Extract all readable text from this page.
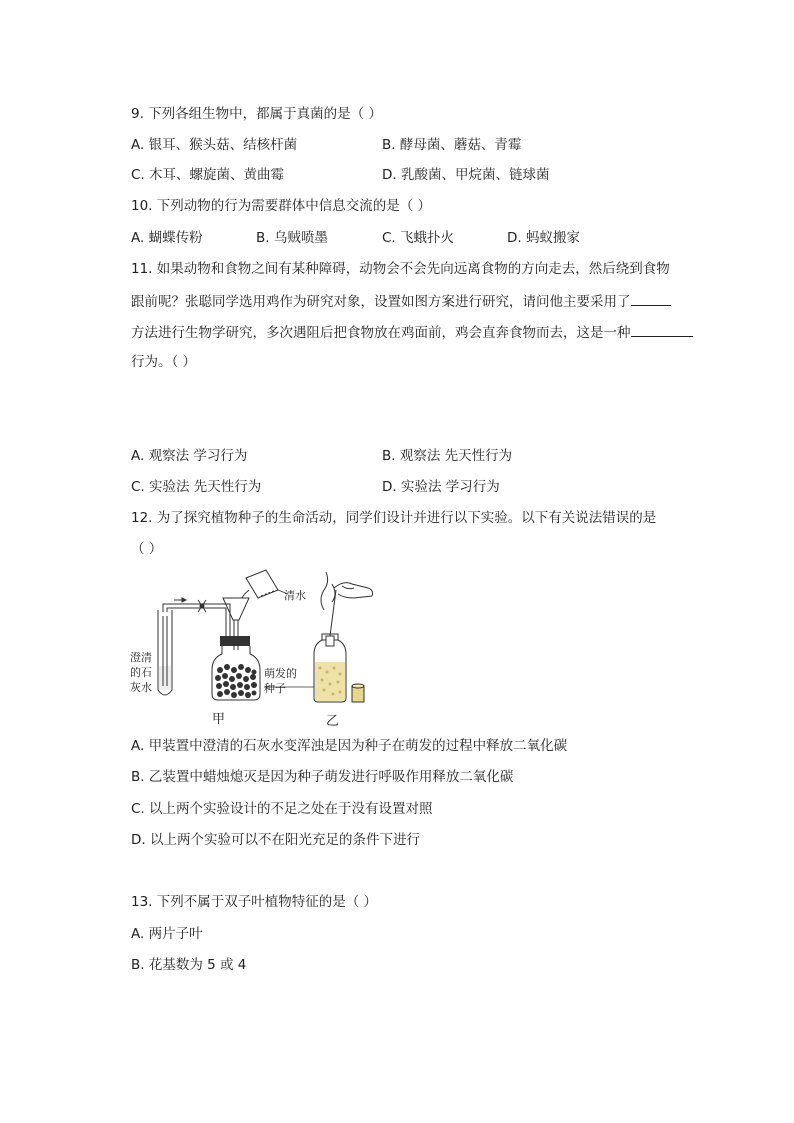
9. 下列各组生物中，都属于真菌的是（ ）
A. 银耳、猴头菇、结核杆菌	B. 酵母菌、蘑菇、青霉
C. 木耳、螺旋菌、黄曲霉	D. 乳酸菌、甲烷菌、链球菌
10. 下列动物的行为需要群体中信息交流的是（ ）
A. 蝴蝶传粉	B. 乌贼喷墨	C. 飞蛾扑火	D. 蚂蚁搬家
11. 如果动物和食物之间有某种障碍，动物会不会先向远离食物的方向走去，然后绕到食物
跟前呢？张聪同学选用鸡作为研究对象，设置如图方案进行研究，请问他主要采用了
方法进行生物学研究，多次遇阻后把食物放在鸡面前，鸡会直奔食物而去，这是一种
行为。（ ）
A. 观察法 学习行为	B. 观察法 先天性行为
C. 实验法 先天性行为	D. 实验法 学习行为
12. 为了探究植物种子的生命活动，同学们设计并进行以下实验。以下有关说法错误的是
（ ）
清水
澄清
的石
灰水
萌发的
种子
甲	乙
A. 甲装置中澄清的石灰水变浑浊是因为种子在萌发的过程中释放二氧化碳
B. 乙装置中蜡烛熄灭是因为种子萌发进行呼吸作用释放二氧化碳
C. 以上两个实验设计的不足之处在于没有设置对照
D. 以上两个实验可以不在阳光充足的条件下进行
13. 下列不属于双子叶植物特征的是（ ）
A. 两片子叶
B. 花基数为 5 或 4
